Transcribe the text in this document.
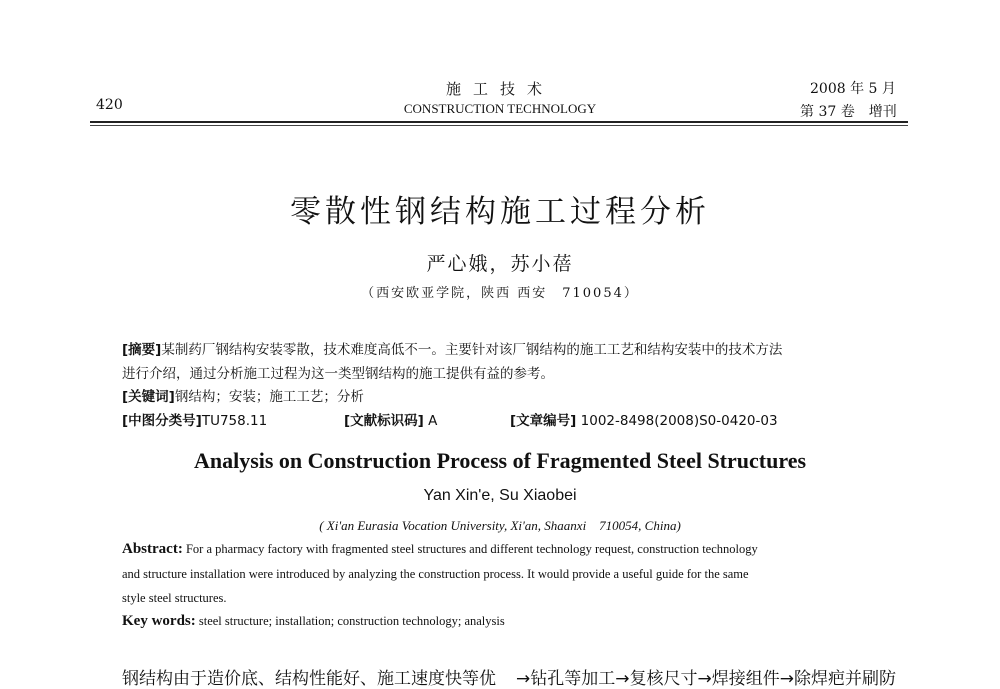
420
施工技术
CONSTRUCTION TECHNOLOGY
2008 年 5 月
第 37 卷　增刊
零散性钢结构施工过程分析
严心娥，苏小蓓
（西安欧亚学院，陕西 西安　710054）
[摘要]某制药厂钢结构安装零散，技术难度高低不一。主要针对该厂钢结构的施工工艺和结构安装中的技术方法
进行介绍，通过分析施工过程为这一类型钢结构的施工提供有益的参考。
[关键词]钢结构；安装；施工工艺；分析
[中图分类号]TU758.11	[文献标识码] A	[文章编号] 1002-8498(2008)S0-0420-03
Analysis on Construction Process of Fragmented Steel Structures
Yan Xin'e, Su Xiaobei
( Xi'an Eurasia Vocation University, Xi'an, Shaanxi　710054, China)
Abstract: For a pharmacy factory with fragmented steel structures and different technology request, construction technology
and structure installation were introduced by analyzing the construction process. It would provide a useful guide for the same
style steel structures.
Key words: steel structure; installation; construction technology; analysis
钢结构由于造价底、结构性能好、施工速度快等优 →钻孔等加工→复核尺寸→焊接组件→除焊疤并刷防
